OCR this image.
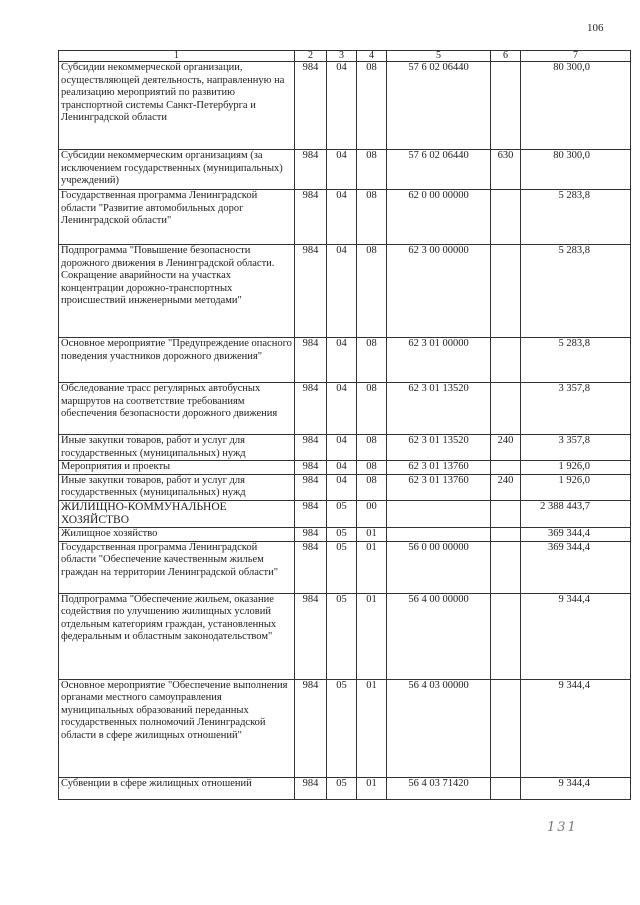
106
1	2	3	4	5	6	7
Субсидии некоммерческой организации, осуществляющей деятельность, направленную на реализацию мероприятий по развитию транспортной системы Санкт-Петербурга и Ленинградской области	984	04	08	57 6 02 06440		80 300,0
Субсидии некоммерческим организациям (за исключением государственных (муниципальных) учреждений)	984	04	08	57 6 02 06440	630	80 300,0
Государственная программа Ленинградской области "Развитие автомобильных дорог Ленинградской области"	984	04	08	62 0 00 00000		5 283,8
Подпрограмма "Повышение безопасности дорожного движения в Ленинградской области. Сокращение аварийности на участках концентрации дорожно-транспортных происшествий инженерными методами"	984	04	08	62 3 00 00000		5 283,8
Основное мероприятие "Предупреждение опасного поведения участников дорожного движения"	984	04	08	62 3 01 00000		5 283,8
Обследование трасс регулярных автобусных маршрутов на соответствие требованиям обеспечения безопасности дорожного движения	984	04	08	62 3 01 13520		3 357,8
Иные закупки товаров, работ и услуг для государственных (муниципальных) нужд	984	04	08	62 3 01 13520	240	3 357,8
Мероприятия и проекты	984	04	08	62 3 01 13760		1 926,0
Иные закупки товаров, работ и услуг для государственных (муниципальных) нужд	984	04	08	62 3 01 13760	240	1 926,0
ЖИЛИЩНО-КОММУНАЛЬНОЕ ХОЗЯЙСТВО	984	05	00			2 388 443,7
Жилищное хозяйство	984	05	01			369 344,4
Государственная программа Ленинградской области "Обеспечение качественным жильем граждан на территории Ленинградской области"	984	05	01	56 0 00 00000		369 344,4
Подпрограмма "Обеспечение жильем, оказание содействия по улучшению жилищных условий отдельным категориям граждан, установленных федеральным и областным законодательством"	984	05	01	56 4 00 00000		9 344,4
Основное мероприятие "Обеспечение выполнения органами местного самоуправления муниципальных образований переданных государственных полномочий Ленинградской области в сфере жилищных отношений"	984	05	01	56 4 03 00000		9 344,4
Субвенции в сфере жилищных отношений	984	05	01	56 4 03 71420		9 344,4
131
